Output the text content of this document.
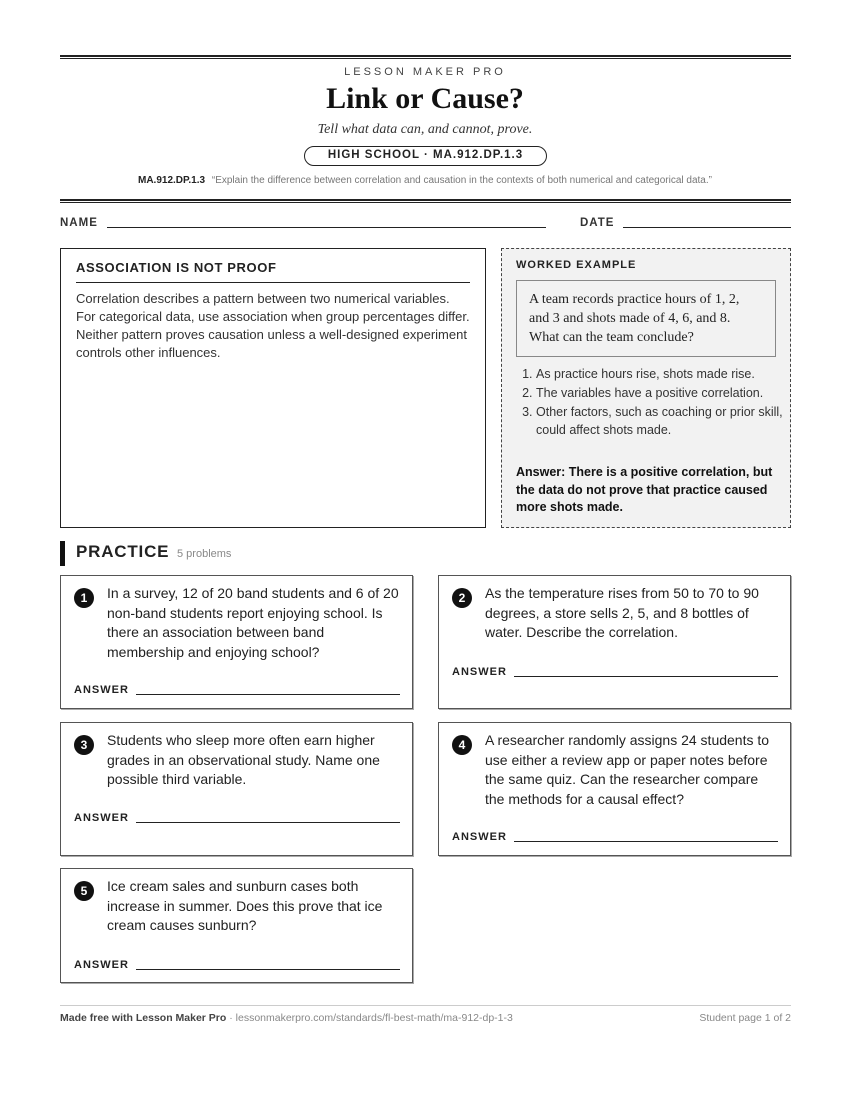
LESSON MAKER PRO
Link or Cause?
Tell what data can, and cannot, prove.
HIGH SCHOOL · MA.912.DP.1.3
MA.912.DP.1.3 “Explain the difference between correlation and causation in the contexts of both numerical and categorical data.”
NAME	DATE
ASSOCIATION IS NOT PROOF

Correlation describes a pattern between two numerical variables. For categorical data, use association when group percentages differ. Neither pattern proves causation unless a well-designed experiment controls other influences.

WORKED EXAMPLE
A team records practice hours of 1, 2, and 3 and shots made of 4, 6, and 8. What can the team conclude?
1. As practice hours rise, shots made rise.
2. The variables have a positive correlation.
3. Other factors, such as coaching or prior skill, could affect shots made.
Answer: There is a positive correlation, but the data do not prove that practice caused more shots made.
PRACTICE 5 problems
1	In a survey, 12 of 20 band students and 6 of 20 non-band students report enjoying school. Is there an association between band membership and enjoying school?
ANSWER
2	As the temperature rises from 50 to 70 to 90 degrees, a store sells 2, 5, and 8 bottles of water. Describe the correlation.
ANSWER
3	Students who sleep more often earn higher grades in an observational study. Name one possible third variable.
ANSWER
4	A researcher randomly assigns 24 students to use either a review app or paper notes before the same quiz. Can the researcher compare the methods for a causal effect?
ANSWER
5	Ice cream sales and sunburn cases both increase in summer. Does this prove that ice cream causes sunburn?
ANSWER
Made free with Lesson Maker Pro · lessonmakerpro.com/standards/fl-best-math/ma-912-dp-1-3	Student page 1 of 2
